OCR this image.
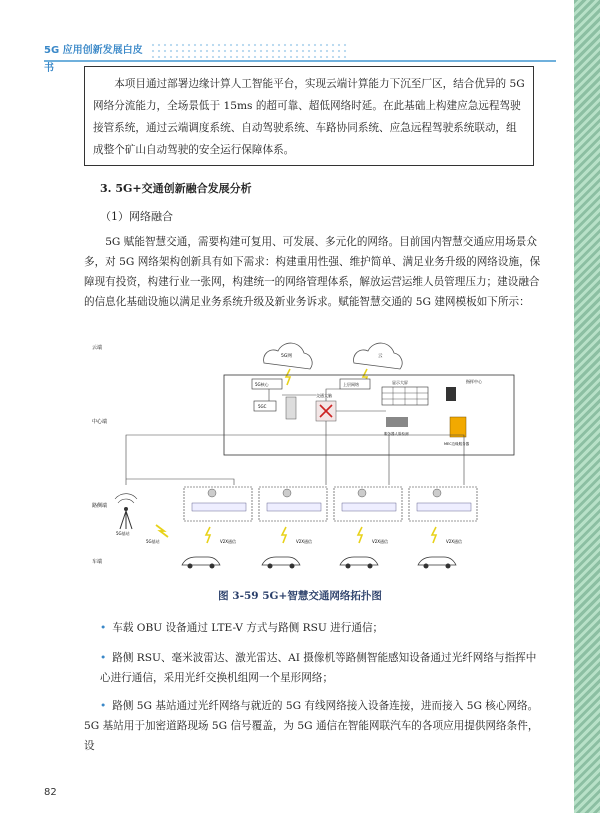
5G 应用创新发展白皮书
本项目通过部署边缘计算人工智能平台，实现云端计算能力下沉至厂区，结合优异的 5G 网络分流能力，全场景低于 15ms 的超可靠、超低网络时延。在此基础上构建应急远程驾驶接管系统，通过云端调度系统、自动驾驶系统、车路协同系统、应急远程驾驶系统联动，组成整个矿山自动驾驶的安全运行保障体系。
3. 5G+交通创新融合发展分析
（1）网络融合
5G 赋能智慧交通，需要构建可复用、可发展、多元化的网络。目前国内智慧交通应用场景众多，对 5G 网络架构创新具有如下需求：构建重用性强、维护简单、满足业务升级的网络设施，保障现有投资，构建行业一张网，构建统一的网络管理体系，解放运营运维人员管理压力；建设融合的信息化基础设施以满足业务系统升级及新业务诉求。赋能智慧交通的 5G 建网模板如下所示：
云端
中心端
路侧端
车端
5G网	云
5G核心	上层网络
5GC
交通大脑
显示大屏	指挥中心
服务器人脸检测
MEC边缘服务器
5G基站
5G基站	V2X通信	V2X通信	V2X通信	V2X通信
图 3-59 5G+智慧交通网络拓扑图
• 车载 OBU 设备通过 LTE-V 方式与路侧 RSU 进行通信；
• 路侧 RSU、毫米波雷达、激光雷达、AI 摄像机等路侧智能感知设备通过光纤网络与指挥中心进行通信，采用光纤交换机组网一个星形网络；
• 路侧 5G 基站通过光纤网络与就近的 5G 有线网络接入设备连接，进而接入 5G 核心网络。
5G 基站用于加密道路现场 5G 信号覆盖，为 5G 通信在智能网联汽车的各项应用提供网络条件，设
82
